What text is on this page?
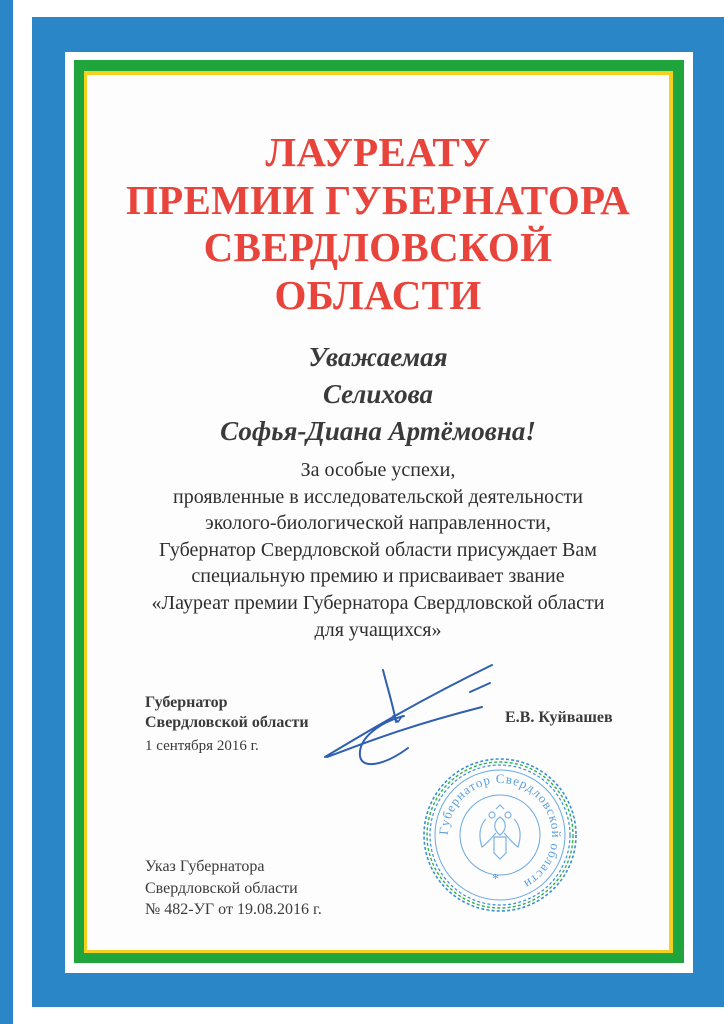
ЛАУРЕАТУ
ПРЕМИИ ГУБЕРНАТОРА
СВЕРДЛОВСКОЙ
ОБЛАСТИ
Уважаемая
Селихова
Софья-Диана Артёмовна!
За особые успехи,
проявленные в исследовательской деятельности
эколого-биологической направленности,
Губернатор Свердловской области присуждает Вам
специальную премию и присваивает звание
«Лауреат премии Губернатора Свердловской области
для учащихся»
Губернатор
Свердловской области
1 сентября 2016 г.
Е.В. Куйвашев
Губернатор Свердловской области
*
Указ Губернатора
Свердловской области
№ 482-УГ от 19.08.2016 г.
